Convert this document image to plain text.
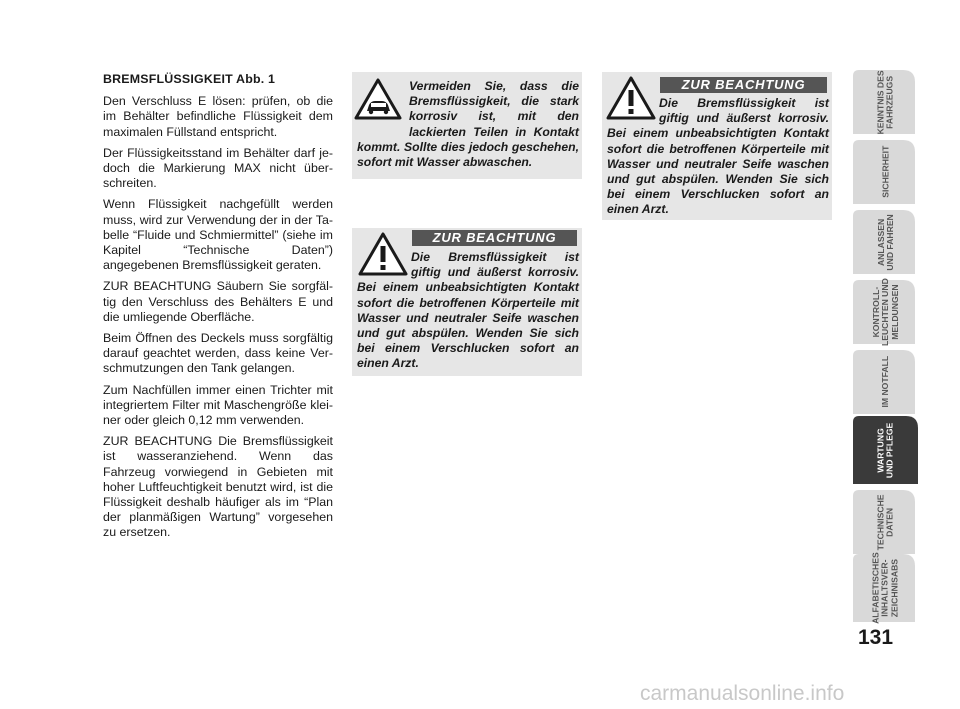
BREMSFLÜSSIGKEIT Abb. 1

Den Verschluss E lösen: prüfen, ob die im Behälter befindliche Flüssigkeit dem maximalen Füllstand entspricht.

Der Flüssigkeitsstand im Behälter darf jedoch die Markierung MAX nicht überschreiten.

Wenn Flüssigkeit nachgefüllt werden muss, wird zur Verwendung der in der Tabelle “Fluide und Schmiermittel” (siehe im Kapitel “Technische Daten”) angegebenen Bremsflüssigkeit geraten.

ZUR BEACHTUNG Säubern Sie sorgfältig den Verschluss des Behälters E und die umliegende Oberfläche.

Beim Öffnen des Deckels muss sorgfältig darauf geachtet werden, dass keine Verschmutzungen den Tank gelangen.

Zum Nachfüllen immer einen Trichter mit integriertem Filter mit Maschengröße kleiner oder gleich 0,12 mm verwenden.

ZUR BEACHTUNG Die Bremsflüssigkeit ist wasseranziehend. Wenn das Fahrzeug vorwiegend in Gebieten mit hoher Luftfeuchtigkeit benutzt wird, ist die Flüssigkeit deshalb häufiger als im “Plan der planmäßigen Wartung” vorgesehen zu ersetzen.

Vermeiden Sie, dass die Bremsflüssigkeit, die stark korrosiv ist, mit den lackierten Teilen in Kontakt kommt. Sollte dies jedoch geschehen, sofort mit Wasser abwaschen.
ZUR BEACHTUNG
Die Bremsflüssigkeit ist giftig und äußerst korrosiv. Bei einem unbeabsichtigten Kontakt sofort die betroffenen Körperteile mit Wasser und neutraler Seife waschen und gut abspülen. Wenden Sie sich bei einem Verschlucken sofort an einen Arzt.
ZUR BEACHTUNG
Die Bremsflüssigkeit ist giftig und äußerst korrosiv. Bei einem unbeabsichtigten Kontakt sofort die betroffenen Körperteile mit Wasser und neutraler Seife waschen und gut abspülen. Wenden Sie sich bei einem Verschlucken sofort an einen Arzt.
KENNTNIS DES
FAHRZEUGS
SICHERHEIT
ANLASSEN
UND FAHREN
KONTROLL-
LEUCHTEN UND
MELDUNGEN
IM NOTFALL
WARTUNG
UND PFLEGE
TECHNISCHE
DATEN
ALFABETISCHES
INHALTSVER-
ZEICHNISABS
131
carmanualsonline.info
